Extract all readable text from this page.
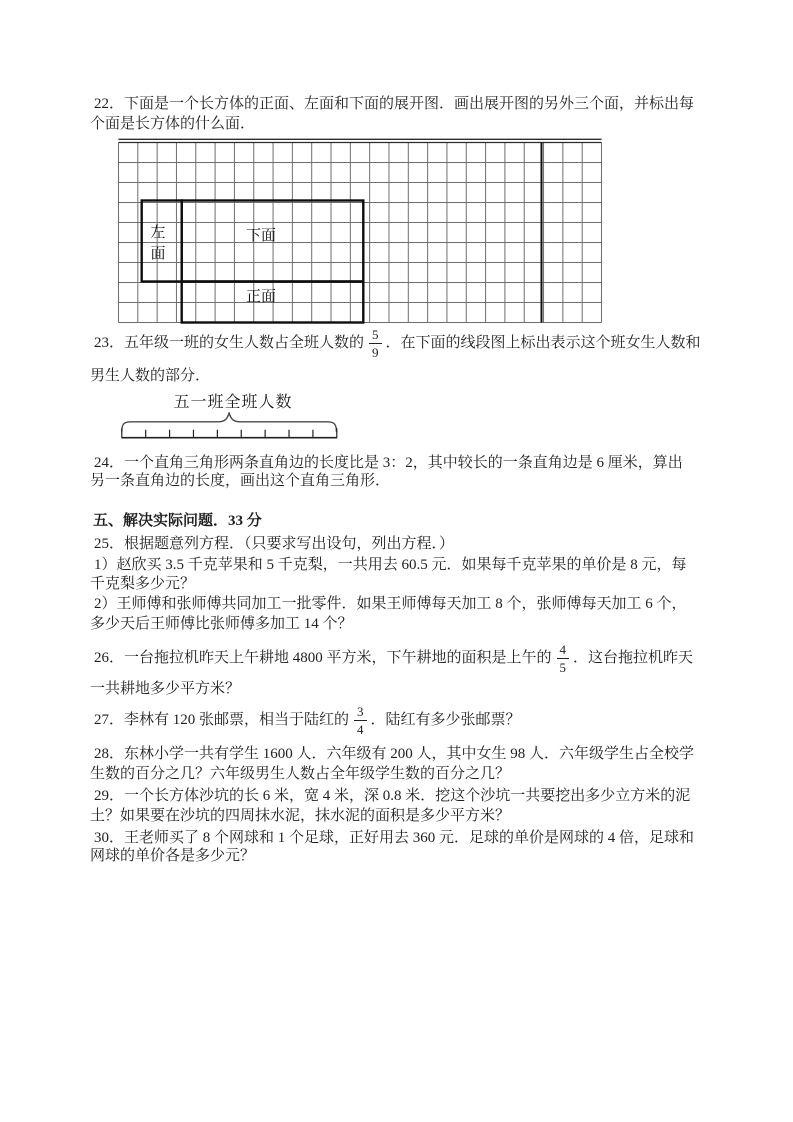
22．下面是一个长方体的正面、左面和下面的展开图．画出展开图的另外三个面，并标出每
个面是长方体的什么面．
左面
下面
正面
23．五年级一班的女生人数占全班人数的 $\frac{5}{9}$ ．在下面的线段图上标出表示这个班女生人数和
男生人数的部分．
五一班全班人数
24．一个直角三角形两条直角边的长度比是 3：2，其中较长的一条直角边是 6 厘米，算出
另一条直角边的长度，画出这个直角三角形．
五、解决实际问题．33 分
25．根据题意列方程．（只要求写出设句，列出方程．）
1）赵欣买 3.5 千克苹果和 5 千克梨，一共用去 60.5 元．如果每千克苹果的单价是 8 元，每
千克梨多少元？
2）王师傅和张师傅共同加工一批零件．如果王师傅每天加工 8 个，张师傅每天加工 6 个，
多少天后王师傅比张师傅多加工 14 个？
26．一台拖拉机昨天上午耕地 4800 平方米，下午耕地的面积是上午的 $\frac{4}{5}$ ．这台拖拉机昨天
一共耕地多少平方米？
27．李林有 120 张邮票，相当于陆红的 $\frac{3}{4}$ ．陆红有多少张邮票？
28．东林小学一共有学生 1600 人．六年级有 200 人，其中女生 98 人．六年级学生占全校学
生数的百分之几？六年级男生人数占全年级学生数的百分之几？
29．一个长方体沙坑的长 6 米，宽 4 米，深 0.8 米．挖这个沙坑一共要挖出多少立方米的泥
土？如果要在沙坑的四周抹水泥，抹水泥的面积是多少平方米？
30．王老师买了 8 个网球和 1 个足球，正好用去 360 元．足球的单价是网球的 4 倍，足球和
网球的单价各是多少元？
